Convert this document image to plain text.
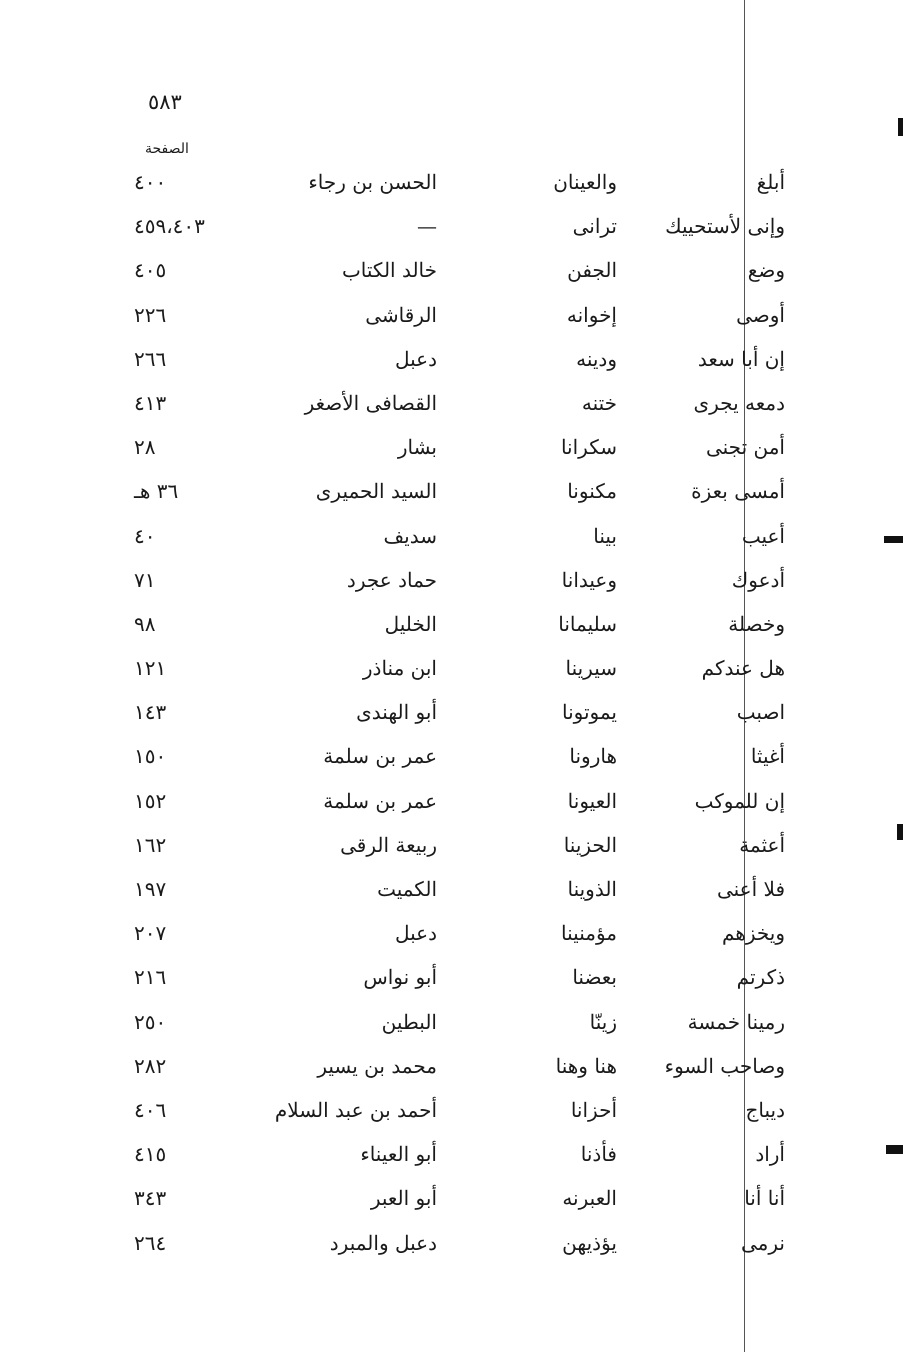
٥٨٣
الصفحة
أبلغ
والعينان
الحسن بن رجاء
٤٠٠
وإنى لأستحييك
ترانى
—
٤٥٩،٤٠٣
وضع
الجفن
خالد الكتاب
٤٠٥
أوصى
إخوانه
الرقاشى
٢٢٦
إن أبا سعد
ودينه
دعبل
٢٦٦
دمعه يجرى
ختنه
القصافى الأصغر
٤١٣
أمن تجنى
سكرانا
بشار
٢٨
أمسى بعزة
مكنونا
السيد الحميرى
٣٦ هـ
أعيب
بينا
سديف
٤٠
أدعوك
وعيدانا
حماد عجرد
٧١
وخصلة
سليمانا
الخليل
٩٨
هل عندكم
سيرينا
ابن مناذر
١٢١
اصبب
يموتونا
أبو الهندى
١٤٣
أغيثا
هارونا
عمر بن سلمة
١٥٠
إن للموكب
العيونا
عمر بن سلمة
١٥٢
أعثمة
الحزينا
ربيعة الرقى
١٦٢
فلا أعنى
الذوينا
الكميت
١٩٧
ويخزهم
مؤمنينا
دعبل
٢٠٧
ذكرتم
بعضنا
أبو نواس
٢١٦
رمينا خمسة
زينّا
البطين
٢٥٠
وصاحب السوء
هنا وهنا
محمد بن يسير
٢٨٢
ديباج
أحزانا
أحمد بن عبد السلام
٤٠٦
أراد
فأذنا
أبو العيناء
٤١٥
أنا أنا
العبرنه
أبو العبر
٣٤٣
نرمى
يؤذيهن
دعبل والمبرد
٢٦٤
